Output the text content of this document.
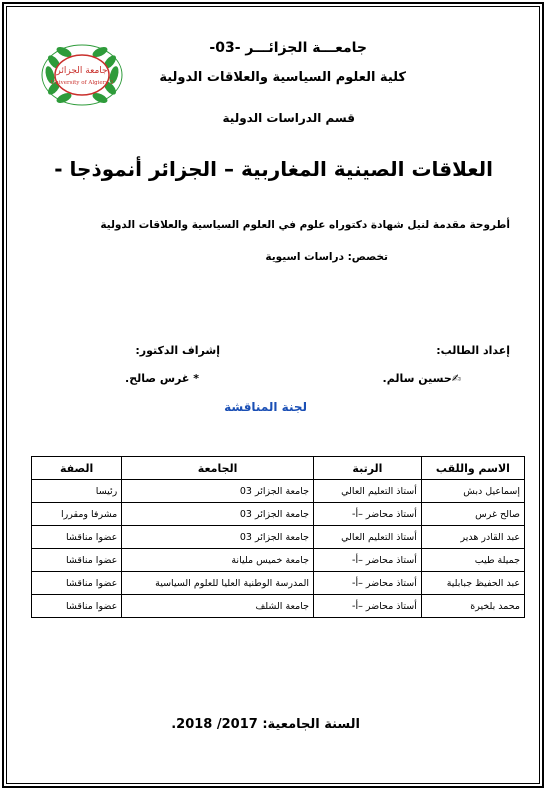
جامعة الجزائر
University of Algiers 3
جامعـــة الجزائـــر -03-
كلية العلوم السياسية والعلاقات الدولية
قسم الدراسات الدولية
العلاقات الصينية المغاربية – الجزائر أنموذجا -
أطروحة مقدمة لنيل شهادة دكتوراه علوم في العلوم السياسية والعلاقات الدولية
تخصص: دراسات اسيوية
إعداد الطالب:
إشراف الدكتور:
✍حسين سالم.
* غرس صالح.
لجنة المناقشة
الاسم واللقب	الرتبة	الجامعة	الصفة
إسماعيل دبش	أستاذ التعليم العالي	جامعة الجزائر 03	رئيسا
صالح غرس	أستاذ محاضر –أ-	جامعة الجزائر 03	مشرفا ومقررا
عبد القادر هدير	أستاذ التعليم العالي	جامعة الجزائر 03	عضوا مناقشا
جميلة طيب	أستاذ محاضر –أ-	جامعة خميس مليانة	عضوا مناقشا
عبد الحفيظ جبابلية	أستاذ محاضر –أ-	المدرسة الوطنية العليا للعلوم السياسية	عضوا مناقشا
محمد بلخيرة	أستاذ محاضر –أ-	جامعة الشلف	عضوا مناقشا
السنة الجامعية: 2017/ 2018.
